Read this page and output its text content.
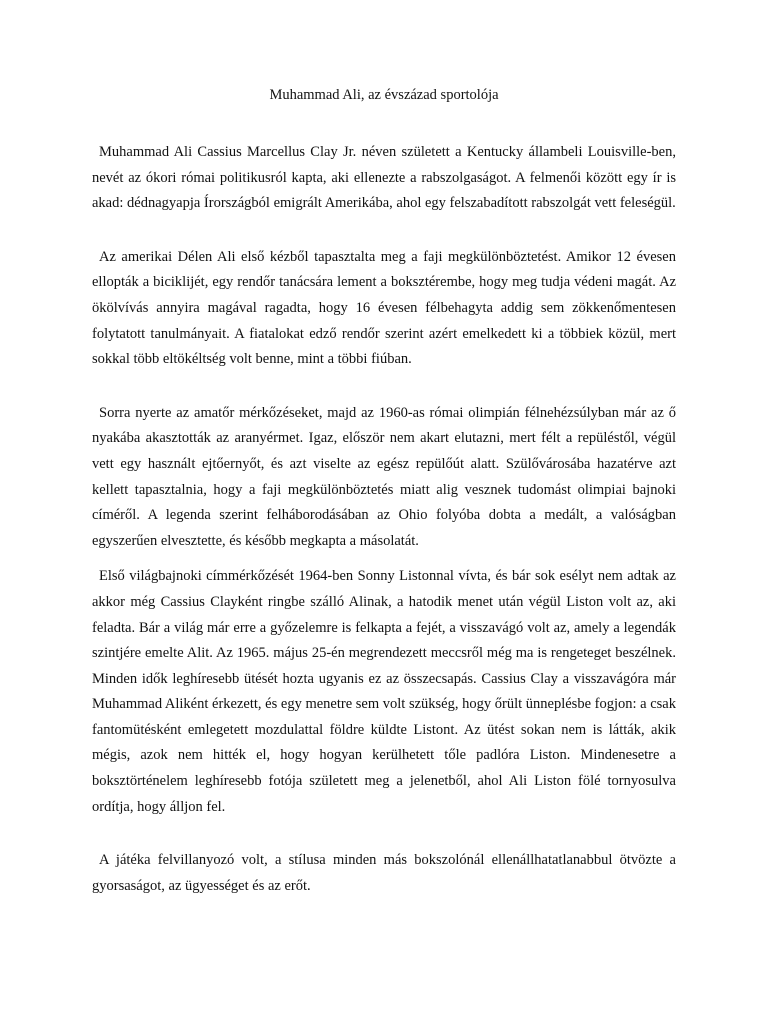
Muhammad Ali, az évszázad sportolója

Muhammad Ali Cassius Marcellus Clay Jr. néven született a Kentucky állambeli Louisville-ben, nevét az ókori római politikusról kapta, aki ellenezte a rabszolgaságot. A felmenői között egy ír is akad: dédnagyapja Írországból emigrált Amerikába, ahol egy felszabadított rabszolgát vett feleségül.

Az amerikai Délen Ali első kézből tapasztalta meg a faji megkülönböztetést. Amikor 12 évesen ellopták a biciklijét, egy rendőr tanácsára lement a boksztérembe, hogy meg tudja védeni magát. Az ökölvívás annyira magával ragadta, hogy 16 évesen félbehagyta addig sem zökkenőmentesen folytatott tanulmányait. A fiatalokat edző rendőr szerint azért emelkedett ki a többiek közül, mert sokkal több eltökéltség volt benne, mint a többi fiúban.

Sorra nyerte az amatőr mérkőzéseket, majd az 1960-as római olimpián félnehézsúlyban már az ő nyakába akasztották az aranyérmet. Igaz, először nem akart elutazni, mert félt a repüléstől, végül vett egy használt ejtőernyőt, és azt viselte az egész repülőút alatt. Szülővárosába hazatérve azt kellett tapasztalnia, hogy a faji megkülönböztetés miatt alig vesznek tudomást olimpiai bajnoki címéről. A legenda szerint felháborodásában az Ohio folyóba dobta a medált, a valóságban egyszerűen elvesztette, és később megkapta a másolatát.

Első világbajnoki címmérkőzését 1964-ben Sonny Listonnal vívta, és bár sok esélyt nem adtak az akkor még Cassius Clayként ringbe szálló Alinak, a hatodik menet után végül Liston volt az, aki feladta. Bár a világ már erre a győzelemre is felkapta a fejét, a visszavágó volt az, amely a legendák szintjére emelte Alit. Az 1965. május 25-én megrendezett meccsről még ma is rengeteget beszélnek. Minden idők leghíresebb ütését hozta ugyanis ez az összecsapás. Cassius Clay a visszavágóra már Muhammad Aliként érkezett, és egy menetre sem volt szükség, hogy őrült ünneplésbe fogjon: a csak fantomütésként emlegetett mozdulattal földre küldte Listont. Az ütést sokan nem is látták, akik mégis, azok nem hitték el, hogy hogyan kerülhetett tőle padlóra Liston. Mindenesetre a boksztörténelem leghíresebb fotója született meg a jelenetből, ahol Ali Liston fölé tornyosulva ordítja, hogy álljon fel.

A játéka felvillanyozó volt, a stílusa minden más bokszolónál ellenállhatatlanabbul ötvözte a gyorsaságot, az ügyességet és az erőt.
